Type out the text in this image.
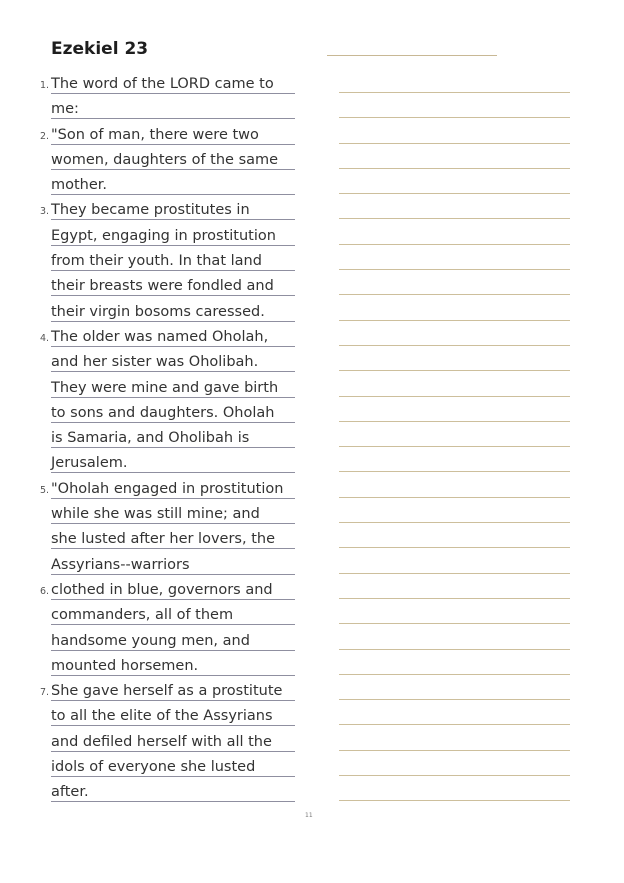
Ezekiel 23
1. The word of the LORD came to
me:
2. "Son of man, there were two
women, daughters of the same
mother.
3. They became prostitutes in
Egypt, engaging in prostitution
from their youth. In that land
their breasts were fondled and
their virgin bosoms caressed.
4. The older was named Oholah,
and her sister was Oholibah.
They were mine and gave birth
to sons and daughters. Oholah
is Samaria, and Oholibah is
Jerusalem.
5. "Oholah engaged in prostitution
while she was still mine; and
she lusted after her lovers, the
Assyrians--warriors
6. clothed in blue, governors and
commanders, all of them
handsome young men, and
mounted horsemen.
7. She gave herself as a prostitute
to all the elite of the Assyrians
and defiled herself with all the
idols of everyone she lusted
after.
11
